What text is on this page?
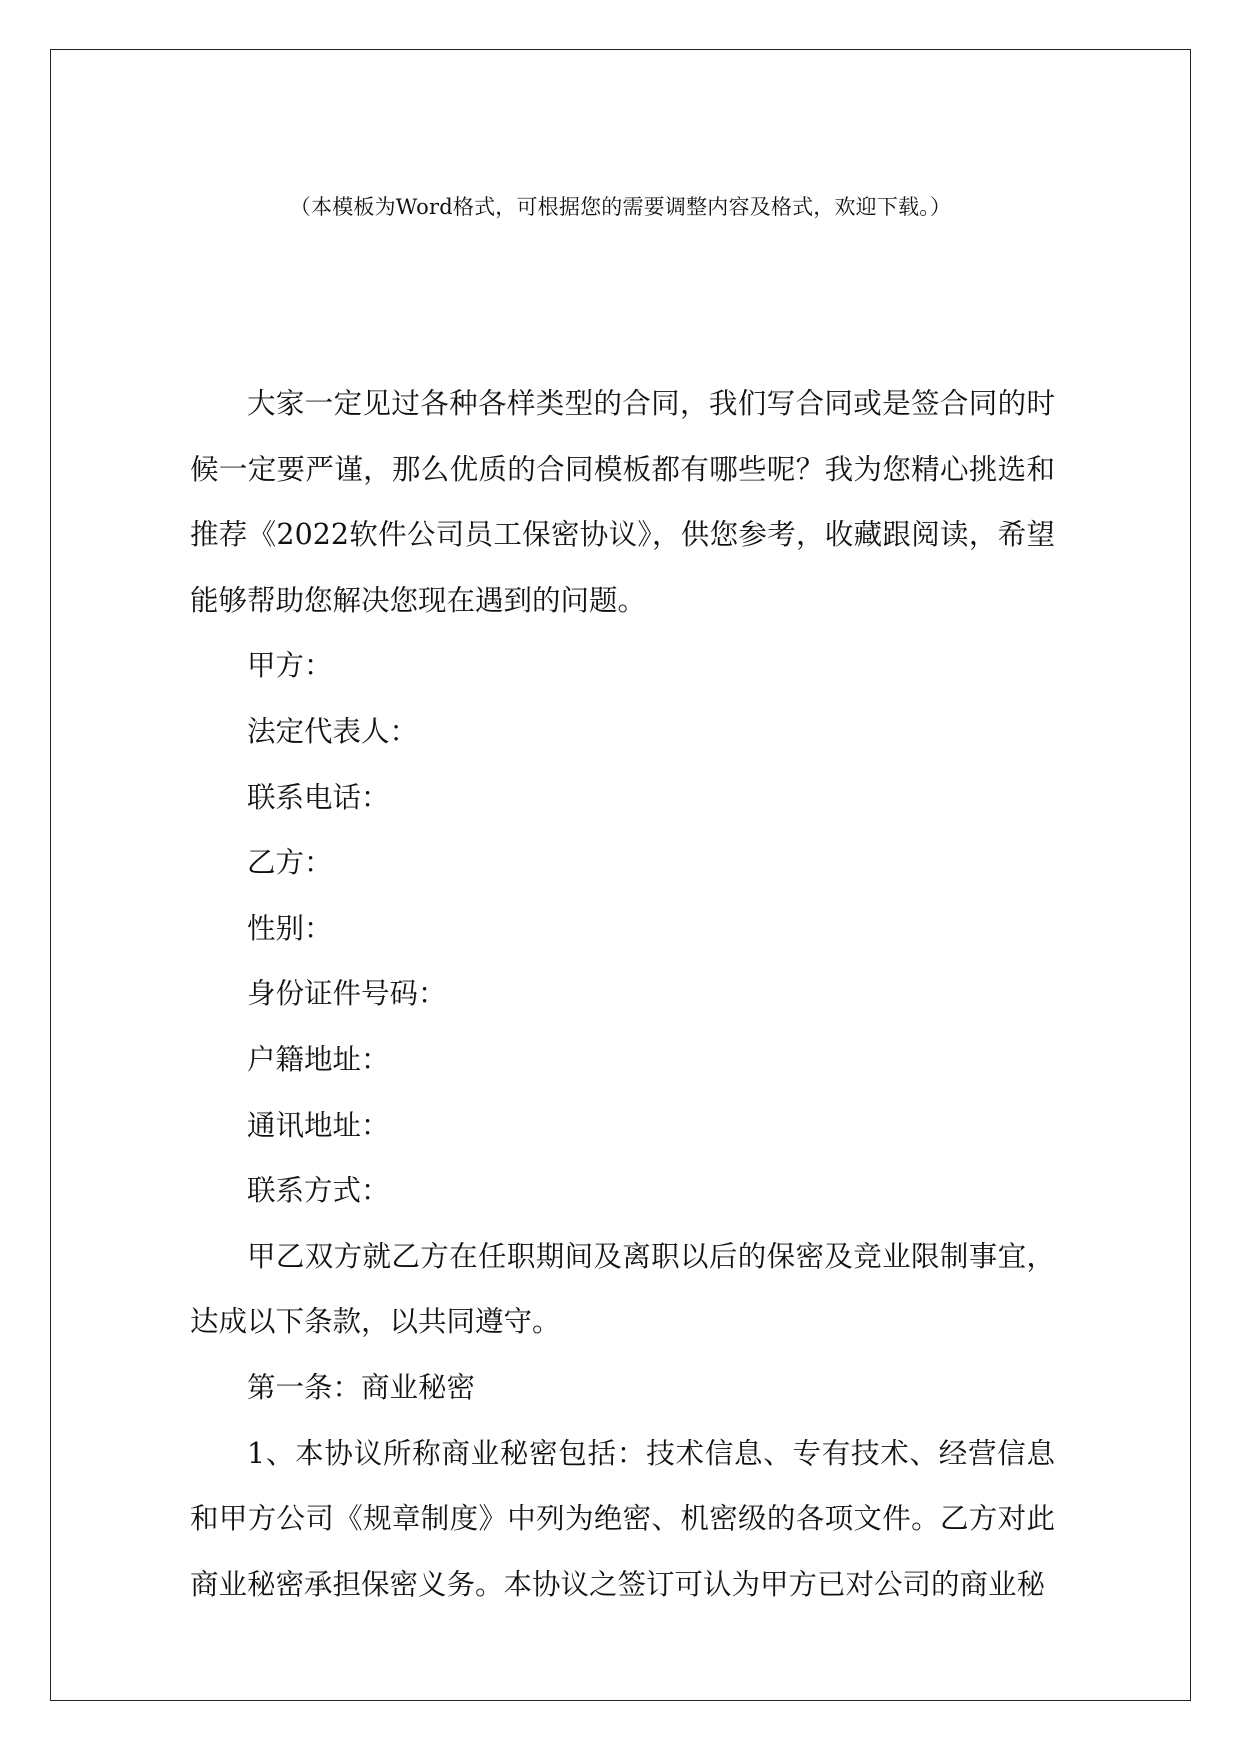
（本模板为Word格式，可根据您的需要调整内容及格式，欢迎下载。）

大家一定见过各种各样类型的合同，我们写合同或是签合同的时候一定要严谨，那么优质的合同模板都有哪些呢？我为您精心挑选和推荐《2022软件公司员工保密协议》，供您参考，收藏跟阅读，希望能够帮助您解决您现在遇到的问题。

甲方：

法定代表人：

联系电话：

乙方：

性别：

身份证件号码：

户籍地址：

通讯地址：

联系方式：

甲乙双方就乙方在任职期间及离职以后的保密及竞业限制事宜，达成以下条款，以共同遵守。

第一条：商业秘密

1、本协议所称商业秘密包括：技术信息、专有技术、经营信息和甲方公司《规章制度》中列为绝密、机密级的各项文件。乙方对此商业秘密承担保密义务。本协议之签订可认为甲方已对公司的商业秘
